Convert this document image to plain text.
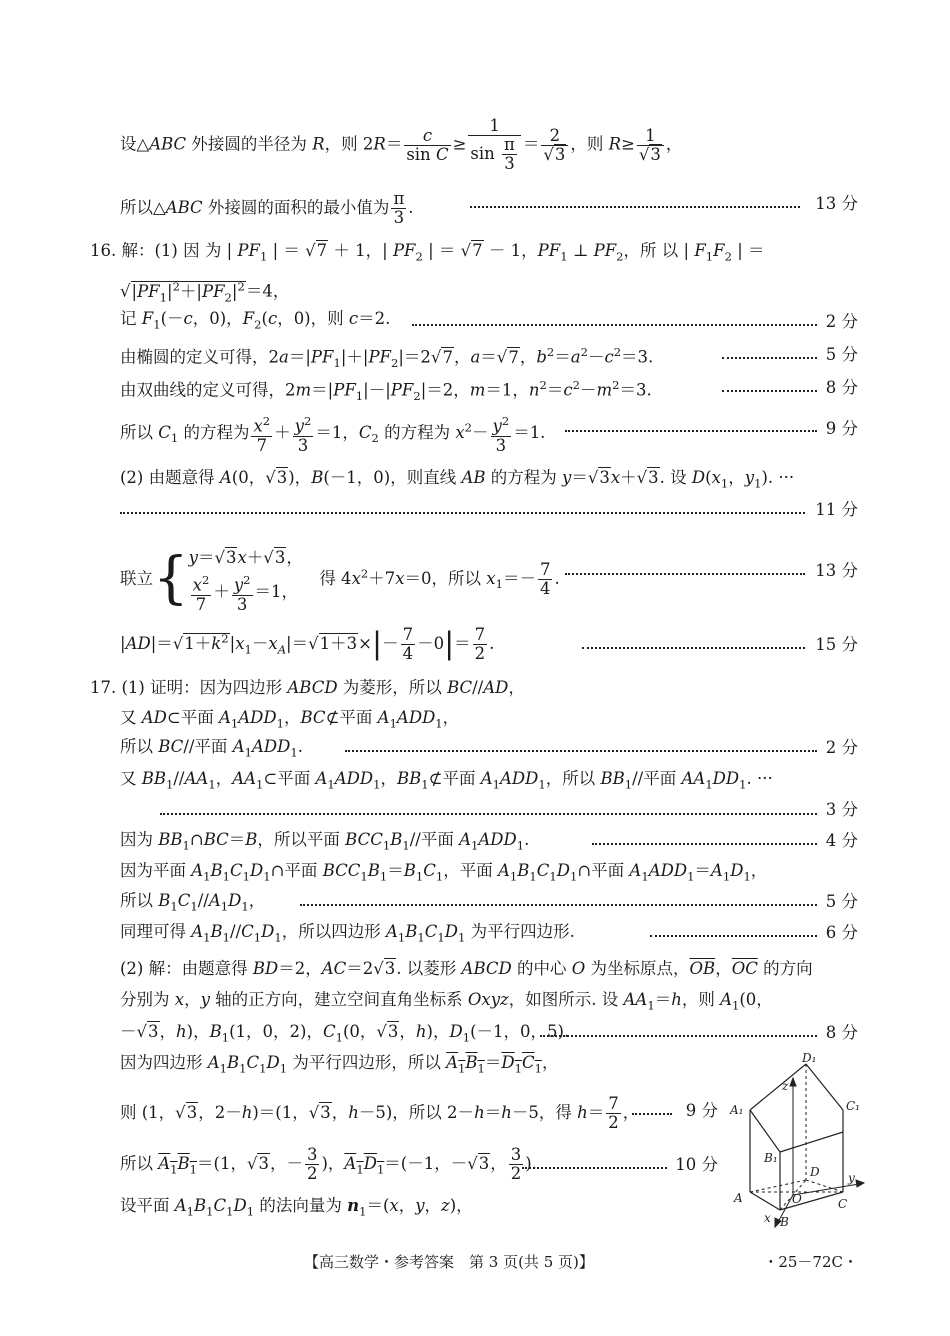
设△ABC 外接圆的半径为 R，则 $2R= \frac{c}{\text{sin C}} \ge \frac{1}{\sin \frac{\pi}{3}} = \frac{2}{√3}$ ，则 $R\ge \frac{1}{√3}$ ，
所以△ABC 外接圆的面积的最小值为 $\frac{\pi}{3}$ .	13 分
16. 解：(1) 因 为 | $PF_1$ | ＝ √7 ＋ 1，| $PF_2$ | ＝ √7 － 1，$PF_1$ ⊥ $PF_2$，所 以 | $F_1F_2$ | ＝
$√|PF_1|^2+|PF_2|^2=4$，
记 $F_1(-c$，0)，$F_2(c$，0)，则 c＝2.	2 分
由椭圆的定义可得，$2a=|PF_1|+|PF_2|=2√7$，a＝√7，$b^2=a^2-c^2=3$.	5 分
由双曲线的定义可得，$2m=|PF_1|-|PF_2|=2$，m＝1，$n^2=c^2-m^2=3$.	8 分
所以 $C_1$ 的方程为 $\frac{x^2}{7} + \frac{y^2}{3} =1$，$C_2$ 的方程为 $x^2- \frac{y^2}{3} =1$.	9 分
(2) 由题意得 A(0，√3)，B(－1，0)，则直线 AB 的方程为 y＝√3x＋√3. 设 $D(x_1$，$y_1$). ···
11 分
联立{ y＝√3x＋√3，
$\frac{x^2}{7} + \frac{y^2}{3} =1$，
　得 $4x^2+7x=0$，所以 $x_1=- \frac{7}{4}$ .	13 分
$|AD|=√1+k^2|x_1-x_A|=√1+3\times|- \frac{7}{4} -0|= \frac{7}{2}$ .	15 分
17. (1) 证明：因为四边形 ABCD 为菱形，所以 BC//AD，
又 AD⊂平面 $A_1ADD_1$，BC⊄平面 $A_1ADD_1$，
所以 BC//平面 $A_1ADD_1$.	2 分
又 $BB_1//AA_1$，$AA_1\subset$平面 $A_1ADD_1$，$BB_1⊄$平面 $A_1ADD_1$，所以 $BB_1//$平面 $AA_1DD_1$. ···
3 分
因为 $BB_1\cap BC=B$，所以平面 $BCC_1B_1//$平面 $A_1ADD_1$.	4 分
因为平面 $A_1B_1C_1D_1\cap$平面 $BCC_1B_1=B_1C_1$，平面 $A_1B_1C_1D_1\cap$平面 $A_1ADD_1=A_1D_1$，
所以 $B_1C_1//A_1D_1$，	5 分
同理可得 $A_1B_1//C_1D_1$，所以四边形 $A_1B_1C_1D_1$ 为平行四边形.	6 分
(2) 解：由题意得 BD＝2，AC＝2√3. 以菱形 ABCD 的中心 O 为坐标原点，$\overline{OB}$，$\overline{OC}$ 的方向
分别为 x，y 轴的正方向，建立空间直角坐标系 Oxyz，如图所示. 设 $AA_1=h$，则 $A_1(0$，
－√3，h)，$B_1(1$，0，2)，$C_1(0$，√3，h)，$D_1(-1$，0，5).	8 分
因为四边形 $A_1B_1C_1D_1$ 为平行四边形，所以 $A_1B_1=D_1C_1$，
则 (1，√3，2－h)＝(1，√3，h－5)，所以 2－h＝h－5，得 $h= \frac{7}{2}$ ，	9 分
所以 $A_1B_1=(1$，√3，－ $\frac{3}{2}$ )，$A_1D_1=(-1$，－√3， $\frac{3}{2}$ ).	10 分
设平面 $A_1B_1C_1D_1$ 的法向量为 $n_1=(x$，y，z)，
D₁
z
A₁	C₁
B₁
D
O
A	C
y
x B
【高三数学・参考答案　第 3 页(共 5 页)】	・25－72C・
